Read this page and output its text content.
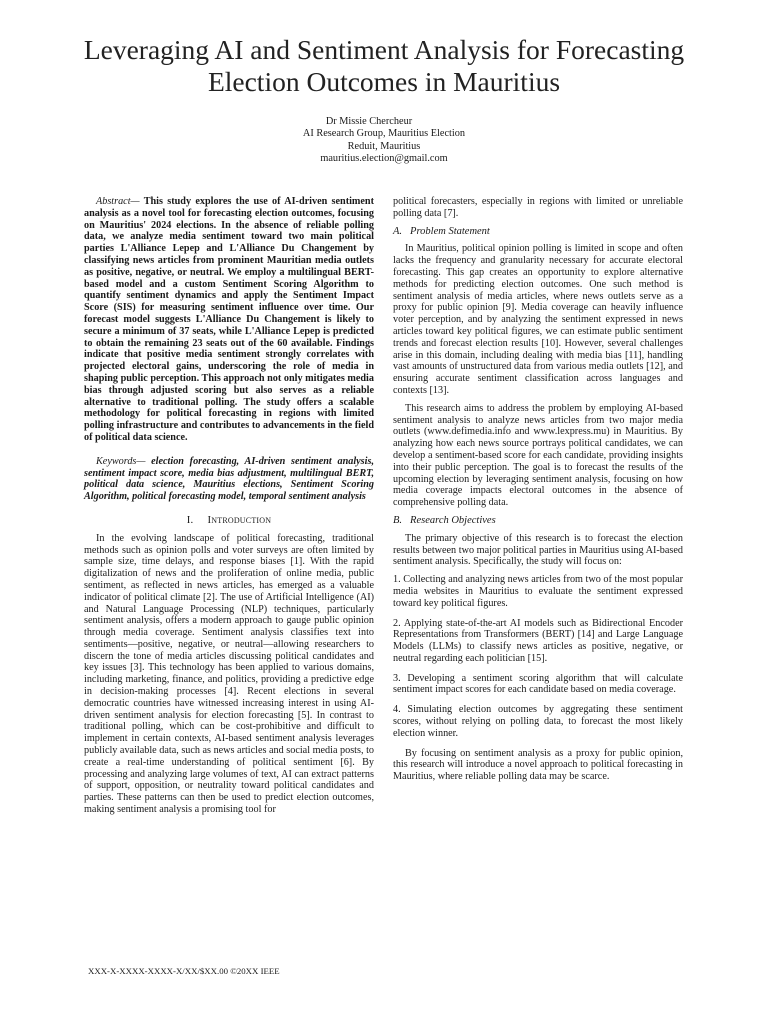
Leveraging AI and Sentiment Analysis for Forecasting Election Outcomes in Mauritius
Dr Missie Chercheur
AI Research Group, Mauritius Election
Reduit, Mauritius
mauritius.election@gmail.com

Abstract— This study explores the use of AI-driven sentiment analysis as a novel tool for forecasting election outcomes, focusing on Mauritius' 2024 elections. In the absence of reliable polling data, we analyze media sentiment toward two main political parties L'Alliance Lepep and L'Alliance Du Changement by classifying news articles from prominent Mauritian media outlets as positive, negative, or neutral. We employ a multilingual BERT-based model and a custom Sentiment Scoring Algorithm to quantify sentiment dynamics and apply the Sentiment Impact Score (SIS) for measuring sentiment influence over time. Our forecast model suggests L'Alliance Du Changement is likely to secure a minimum of 37 seats, while L'Alliance Lepep is predicted to obtain the remaining 23 seats out of the 60 available. Findings indicate that positive media sentiment strongly correlates with projected electoral gains, underscoring the role of media in shaping public perception. This approach not only mitigates media bias through adjusted scoring but also serves as a reliable alternative to traditional polling. The study offers a scalable methodology for political forecasting in regions with limited polling infrastructure and contributes to advancements in the field of political data science.

Keywords— election forecasting, AI-driven sentiment analysis, sentiment impact score, media bias adjustment, multilingual BERT, political data science, Mauritius elections, Sentiment Scoring Algorithm, political forecasting model, temporal sentiment analysis

I. Introduction

In the evolving landscape of political forecasting, traditional methods such as opinion polls and voter surveys are often limited by sample size, time delays, and response biases [1]. With the rapid digitalization of news and the proliferation of online media, public sentiment, as reflected in news articles, has emerged as a valuable indicator of political climate [2]. The use of Artificial Intelligence (AI) and Natural Language Processing (NLP) techniques, particularly sentiment analysis, offers a modern approach to gauge public opinion through media coverage. Sentiment analysis classifies text into sentiments—positive, negative, or neutral—allowing researchers to discern the tone of media articles discussing political candidates and key issues [3]. This technology has been applied to various domains, including marketing, finance, and politics, providing a predictive edge in decision-making processes [4]. Recent elections in several democratic countries have witnessed increasing interest in using AI-driven sentiment analysis for election forecasting [5]. In contrast to traditional polling, which can be cost-prohibitive and difficult to implement in certain contexts, AI-based sentiment analysis leverages publicly available data, such as news articles and social media posts, to create a real-time understanding of political sentiment [6]. By processing and analyzing large volumes of text, AI can extract patterns of support, opposition, or neutrality toward political candidates and parties. These patterns can then be used to predict election outcomes, making sentiment analysis a promising tool for

political forecasters, especially in regions with limited or unreliable polling data [7].

A. Problem Statement

In Mauritius, political opinion polling is limited in scope and often lacks the frequency and granularity necessary for accurate electoral forecasting. This gap creates an opportunity to explore alternative methods for predicting election outcomes. One such method is sentiment analysis of media articles, where news outlets serve as a proxy for public opinion [9]. Media coverage can heavily influence voter perception, and by analyzing the sentiment expressed in news articles toward key political figures, we can estimate public sentiment trends and forecast election results [10]. However, several challenges arise in this domain, including dealing with media bias [11], handling vast amounts of unstructured data from various media outlets [12], and ensuring accurate sentiment classification across languages and contexts [13].

This research aims to address the problem by employing AI-based sentiment analysis to analyze news articles from two major media outlets (www.defimedia.info and www.lexpress.mu) in Mauritius. By analyzing how each news source portrays political candidates, we can develop a sentiment-based score for each candidate, providing insights into their public perception. The goal is to forecast the results of the upcoming election by leveraging sentiment analysis, focusing on how media coverage impacts electoral outcomes in the absence of comprehensive polling data.

B. Research Objectives

The primary objective of this research is to forecast the election results between two major political parties in Mauritius using AI-based sentiment analysis. Specifically, the study will focus on:

1. Collecting and analyzing news articles from two of the most popular media websites in Mauritius to evaluate the sentiment expressed toward key political figures.

2. Applying state-of-the-art AI models such as Bidirectional Encoder Representations from Transformers (BERT) [14] and Large Language Models (LLMs) to classify news articles as positive, negative, or neutral regarding each politician [15].

3. Developing a sentiment scoring algorithm that will calculate sentiment impact scores for each candidate based on media coverage.

4. Simulating election outcomes by aggregating these sentiment scores, without relying on polling data, to forecast the most likely election winner.

By focusing on sentiment analysis as a proxy for public opinion, this research will introduce a novel approach to political forecasting in Mauritius, where reliable polling data may be scarce.

XXX-X-XXXX-XXXX-X/XX/$XX.00 ©20XX IEEE
